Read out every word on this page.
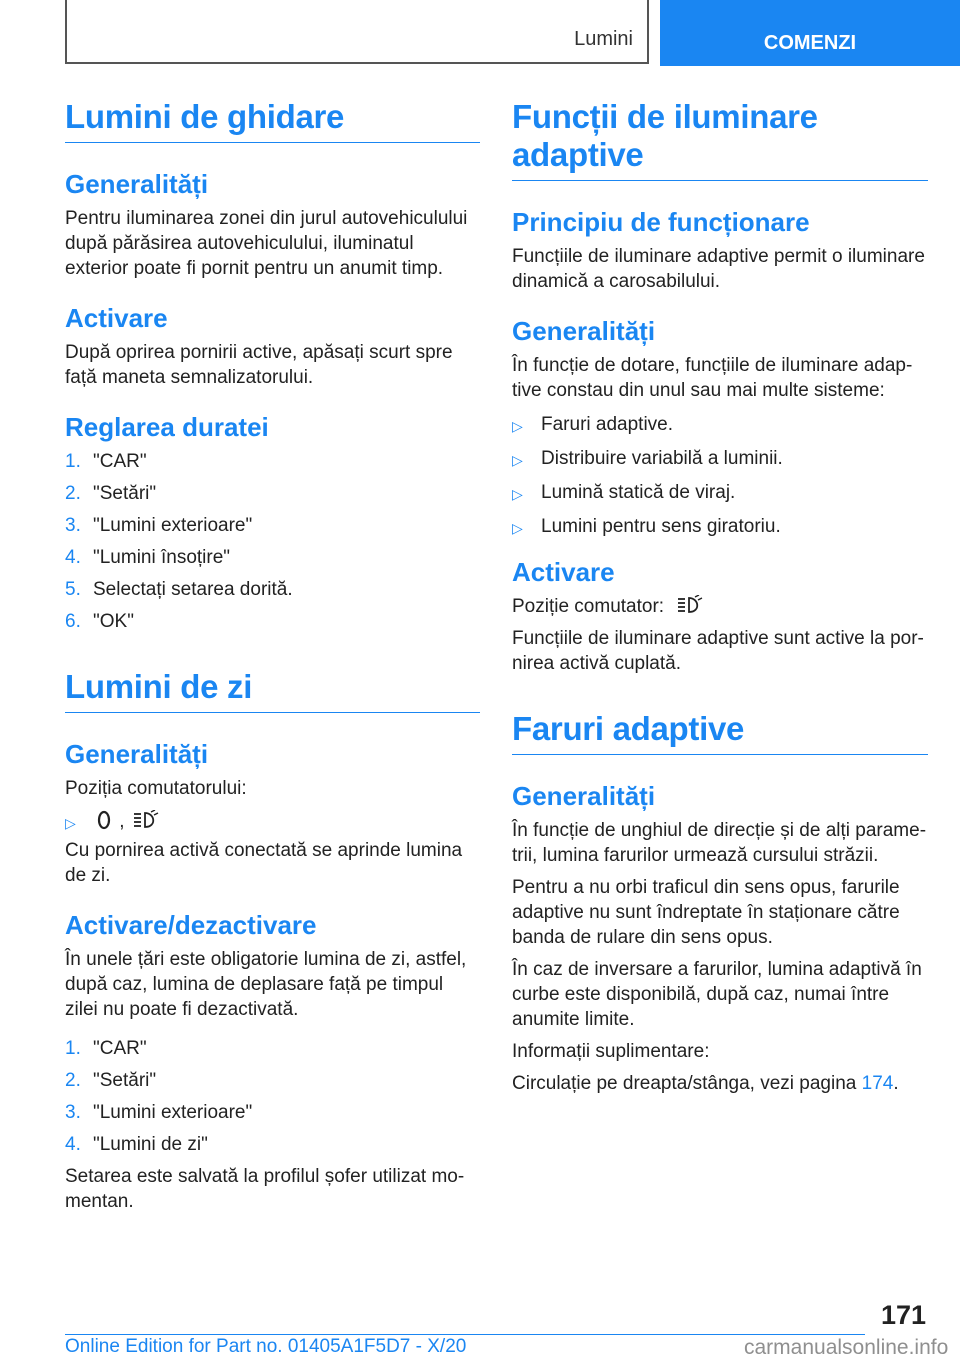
Lumini	COMENZI
Lumini de ghidare
Generalități

Pentru iluminarea zonei din jurul autovehiculului după părăsirea autovehiculului, iluminatul exterior poate fi pornit pentru un anumit timp.

Activare

După oprirea pornirii active, apăsați scurt spre față maneta semnalizatorului.

Reglarea duratei
1. "CAR"
2. "Setări"
3. "Lumini exterioare"
4. "Lumini însoțire"
5. Selectați setarea dorită.
6. "OK"
Lumini de zi
Generalități

Poziția comutatorului:

▷	,

Cu pornirea activă conectată se aprinde lumina de zi.

Activare/dezactivare

În unele țări este obligatorie lumina de zi, astfel, după caz, lumina de deplasare față pe timpul zilei nu poate fi dezactivată.

1. "CAR"
2. "Setări"
3. "Lumini exterioare"
4. "Lumini de zi"

Setarea este salvată la profilul șofer utilizat mo-mentan.

Funcții de iluminare adaptive
Principiu de funcționare

Funcțiile de iluminare adaptive permit o iluminare dinamică a carosabilului.

Generalități

În funcție de dotare, funcțiile de iluminare adap-tive constau din unul sau mai multe sisteme:

▷ Faruri adaptive.
▷ Distribuire variabilă a luminii.
▷ Lumină statică de viraj.
▷ Lumini pentru sens giratoriu.
Activare

Poziție comutator:

Funcțiile de iluminare adaptive sunt active la por-nirea activă cuplată.

Faruri adaptive
Generalități

În funcție de unghiul de direcție și de alți parame-trii, lumina farurilor urmează cursului străzii.

Pentru a nu orbi traficul din sens opus, farurile adaptive nu sunt îndreptate în staționare către banda de rulare din sens opus.

În caz de inversare a farurilor, lumina adaptivă în curbe este disponibilă, după caz, numai între anumite limite.

Informații suplimentare:

Circulație pe dreapta/stânga, vezi pagina 174.

171
Online Edition for Part no. 01405A1F5D7 - X/20	carmanualsonline.info
